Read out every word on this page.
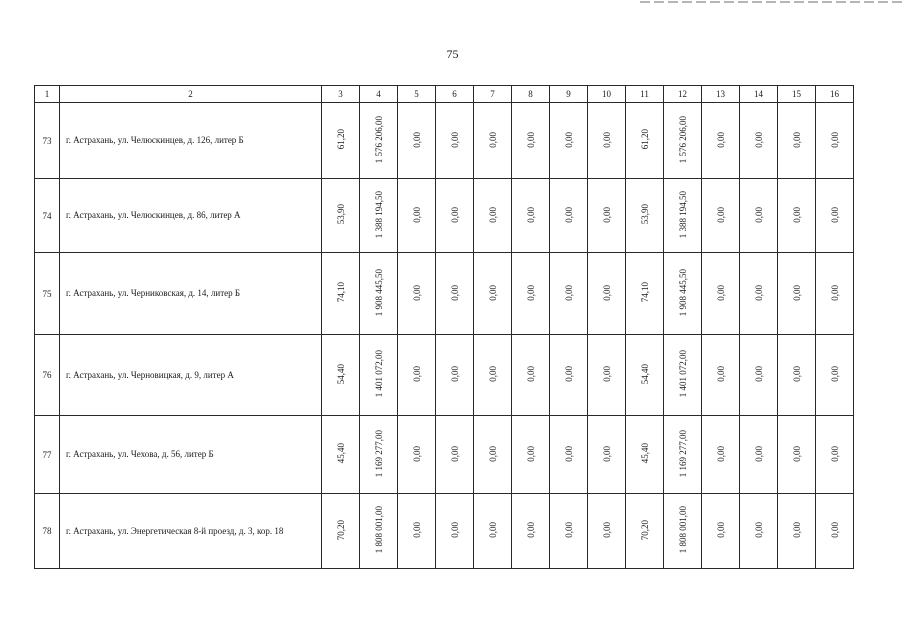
75
1	2	3	4	5	6	7	8	9	10	11	12	13	14	15	16
73	г. Астрахань, ул. Челюскинцев, д. 126, литер Б	61,20	1 576 206,00	0,00	0,00	0,00	0,00	0,00	0,00	61,20	1 576 206,00	0,00	0,00	0,00	0,00
74	г. Астрахань, ул. Челюскинцев, д. 86, литер А	53,90	1 388 194,50	0,00	0,00	0,00	0,00	0,00	0,00	53,90	1 388 194,50	0,00	0,00	0,00	0,00
75	г. Астрахань, ул. Черниковская, д. 14, литер Б	74,10	1 908 445,50	0,00	0,00	0,00	0,00	0,00	0,00	74,10	1 908 445,50	0,00	0,00	0,00	0,00
76	г. Астрахань, ул. Черновицкая, д. 9, литер А	54,40	1 401 072,00	0,00	0,00	0,00	0,00	0,00	0,00	54,40	1 401 072,00	0,00	0,00	0,00	0,00
77	г. Астрахань, ул. Чехова, д. 56, литер Б	45,40	1 169 277,00	0,00	0,00	0,00	0,00	0,00	0,00	45,40	1 169 277,00	0,00	0,00	0,00	0,00
78	г. Астрахань, ул. Энергетическая 8-й проезд, д. 3, кор. 18	70,20	1 808 001,00	0,00	0,00	0,00	0,00	0,00	0,00	70,20	1 808 001,00	0,00	0,00	0,00	0,00
